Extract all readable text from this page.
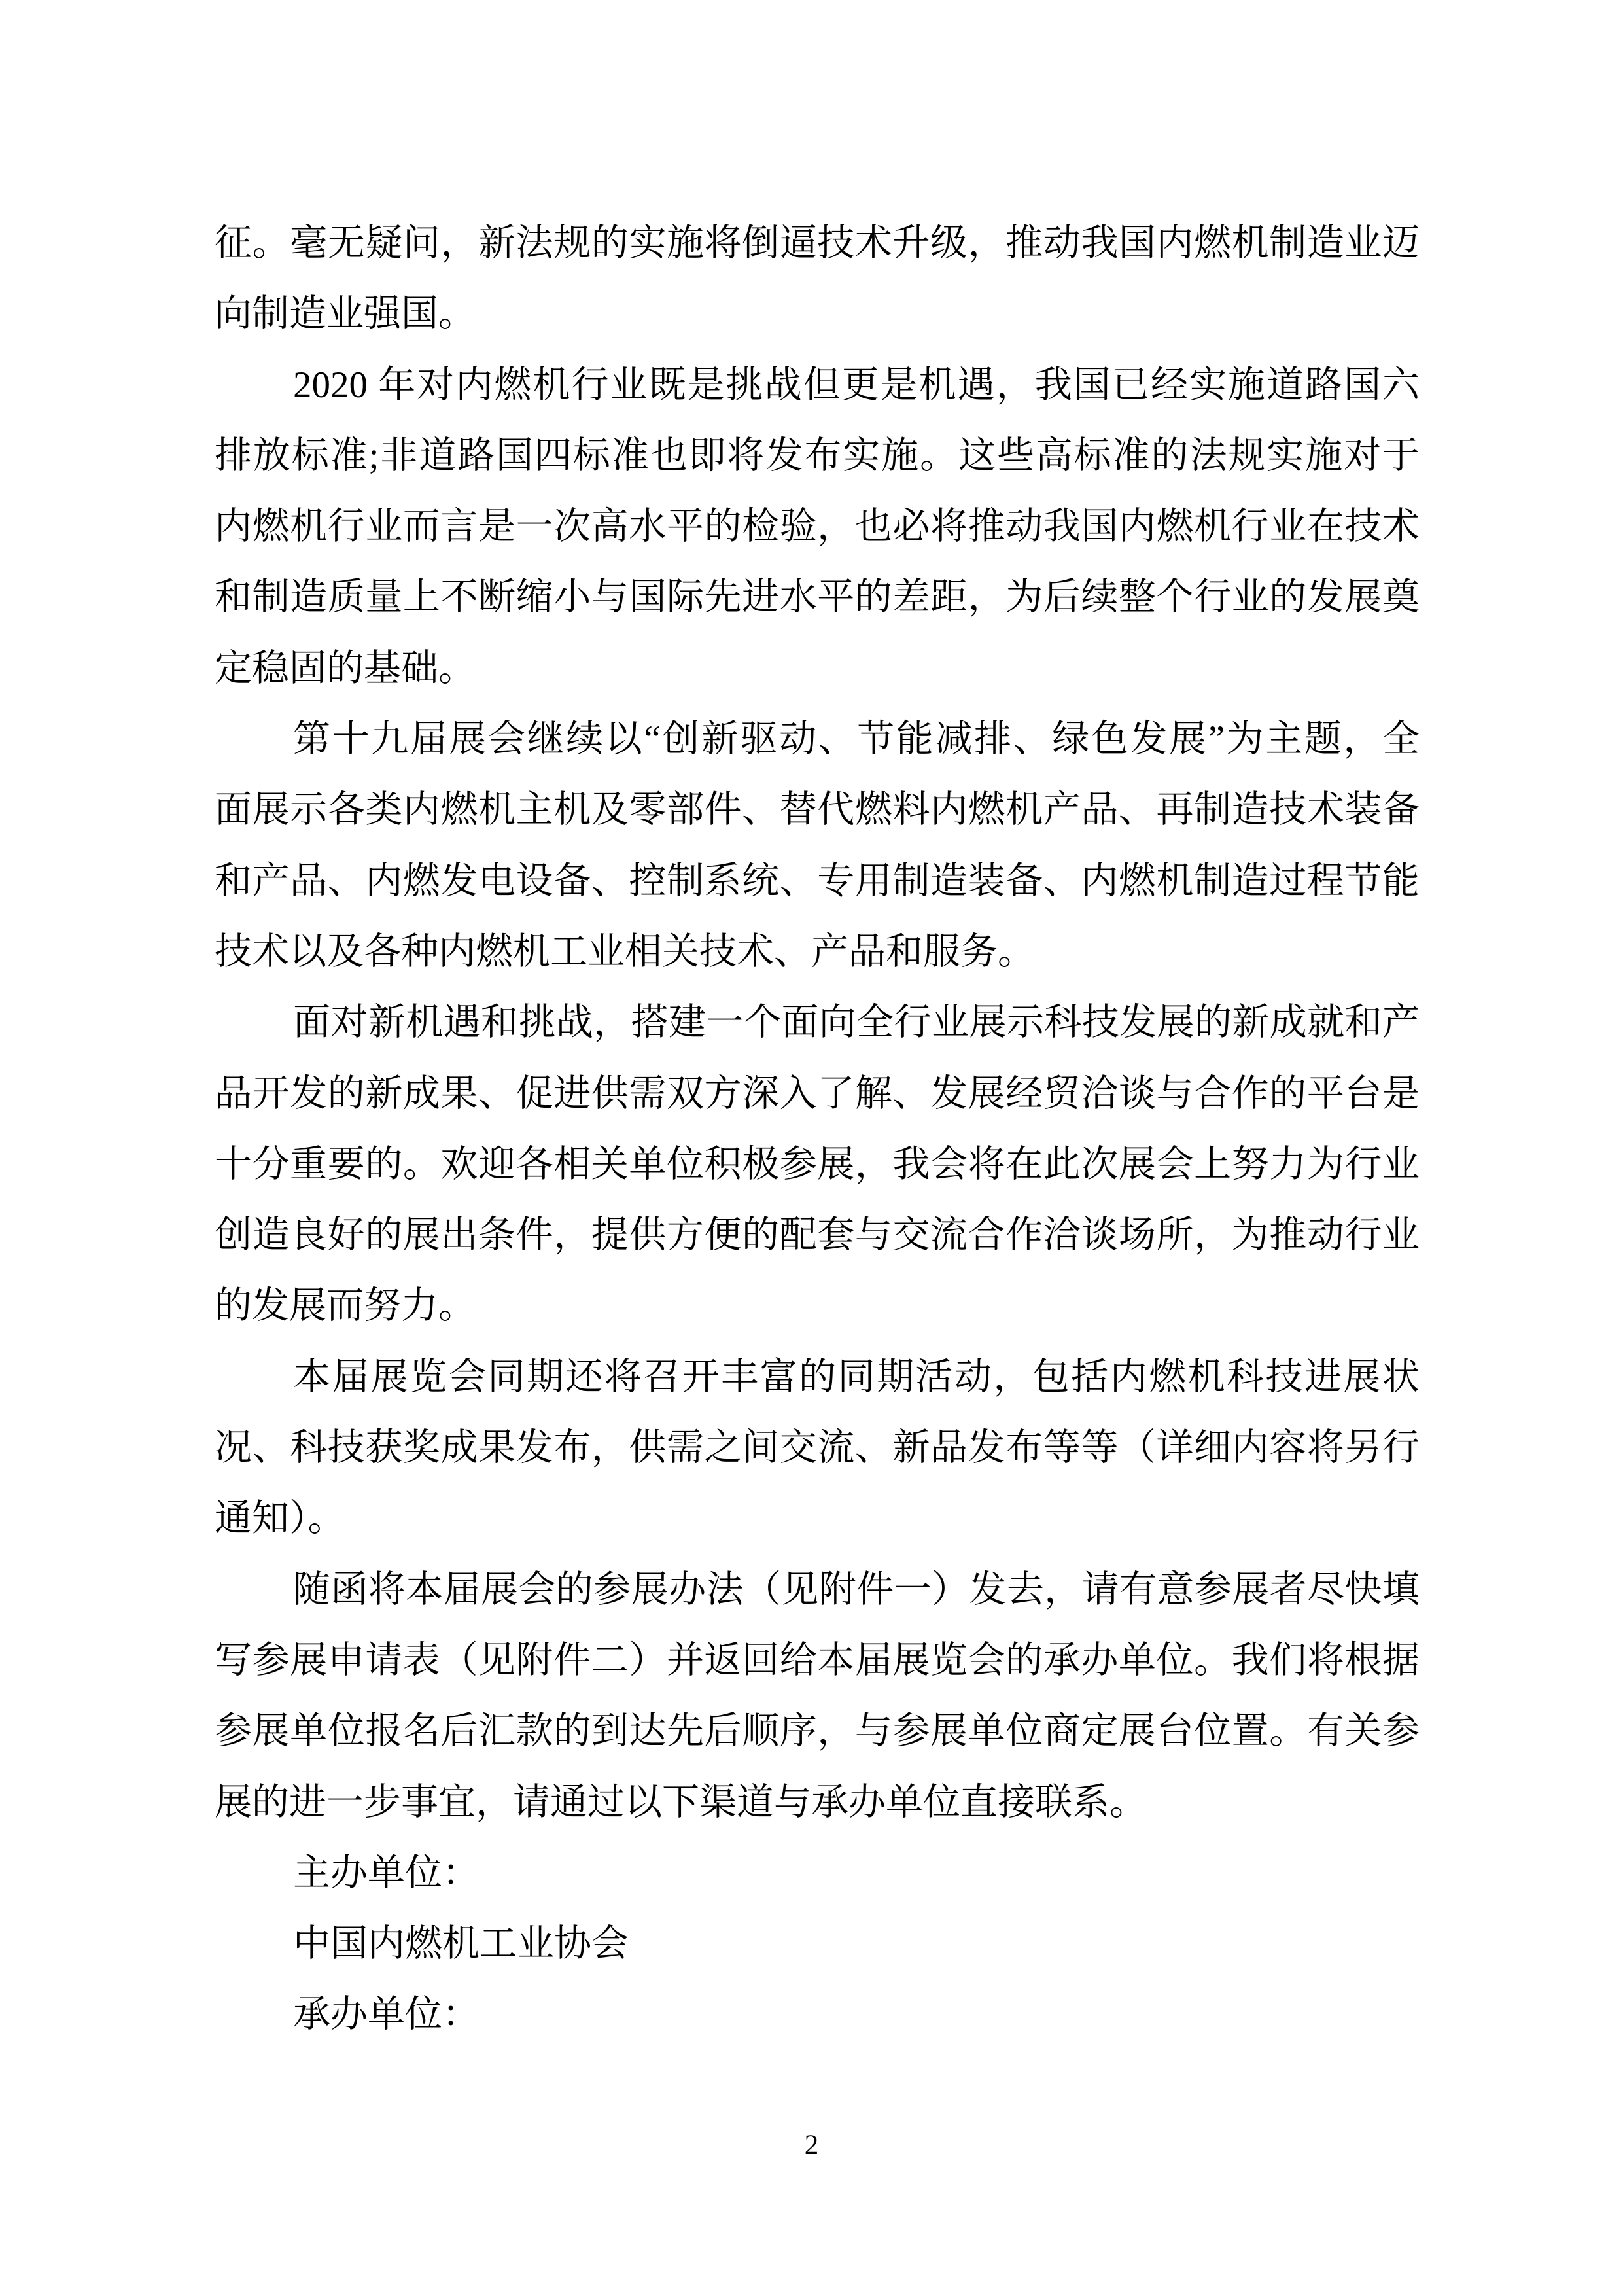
征。毫无疑问，新法规的实施将倒逼技术升级，推动我国内燃机制造业迈
向制造业强国。
2020 年对内燃机行业既是挑战但更是机遇，我国已经实施道路国六
排放标准;非道路国四标准也即将发布实施。这些高标准的法规实施对于
内燃机行业而言是一次高水平的检验，也必将推动我国内燃机行业在技术
和制造质量上不断缩小与国际先进水平的差距，为后续整个行业的发展奠
定稳固的基础。
第十九届展会继续以“创新驱动、节能减排、绿色发展”为主题，全
面展示各类内燃机主机及零部件、替代燃料内燃机产品、再制造技术装备
和产品、内燃发电设备、控制系统、专用制造装备、内燃机制造过程节能
技术以及各种内燃机工业相关技术、产品和服务。
面对新机遇和挑战，搭建一个面向全行业展示科技发展的新成就和产
品开发的新成果、促进供需双方深入了解、发展经贸洽谈与合作的平台是
十分重要的。欢迎各相关单位积极参展，我会将在此次展会上努力为行业
创造良好的展出条件，提供方便的配套与交流合作洽谈场所，为推动行业
的发展而努力。
本届展览会同期还将召开丰富的同期活动，包括内燃机科技进展状
况、科技获奖成果发布，供需之间交流、新品发布等等（详细内容将另行
通知）。
随函将本届展会的参展办法（见附件一）发去，请有意参展者尽快填
写参展申请表（见附件二）并返回给本届展览会的承办单位。我们将根据
参展单位报名后汇款的到达先后顺序，与参展单位商定展台位置。有关参
展的进一步事宜，请通过以下渠道与承办单位直接联系。
主办单位：
中国内燃机工业协会
承办单位：
2
